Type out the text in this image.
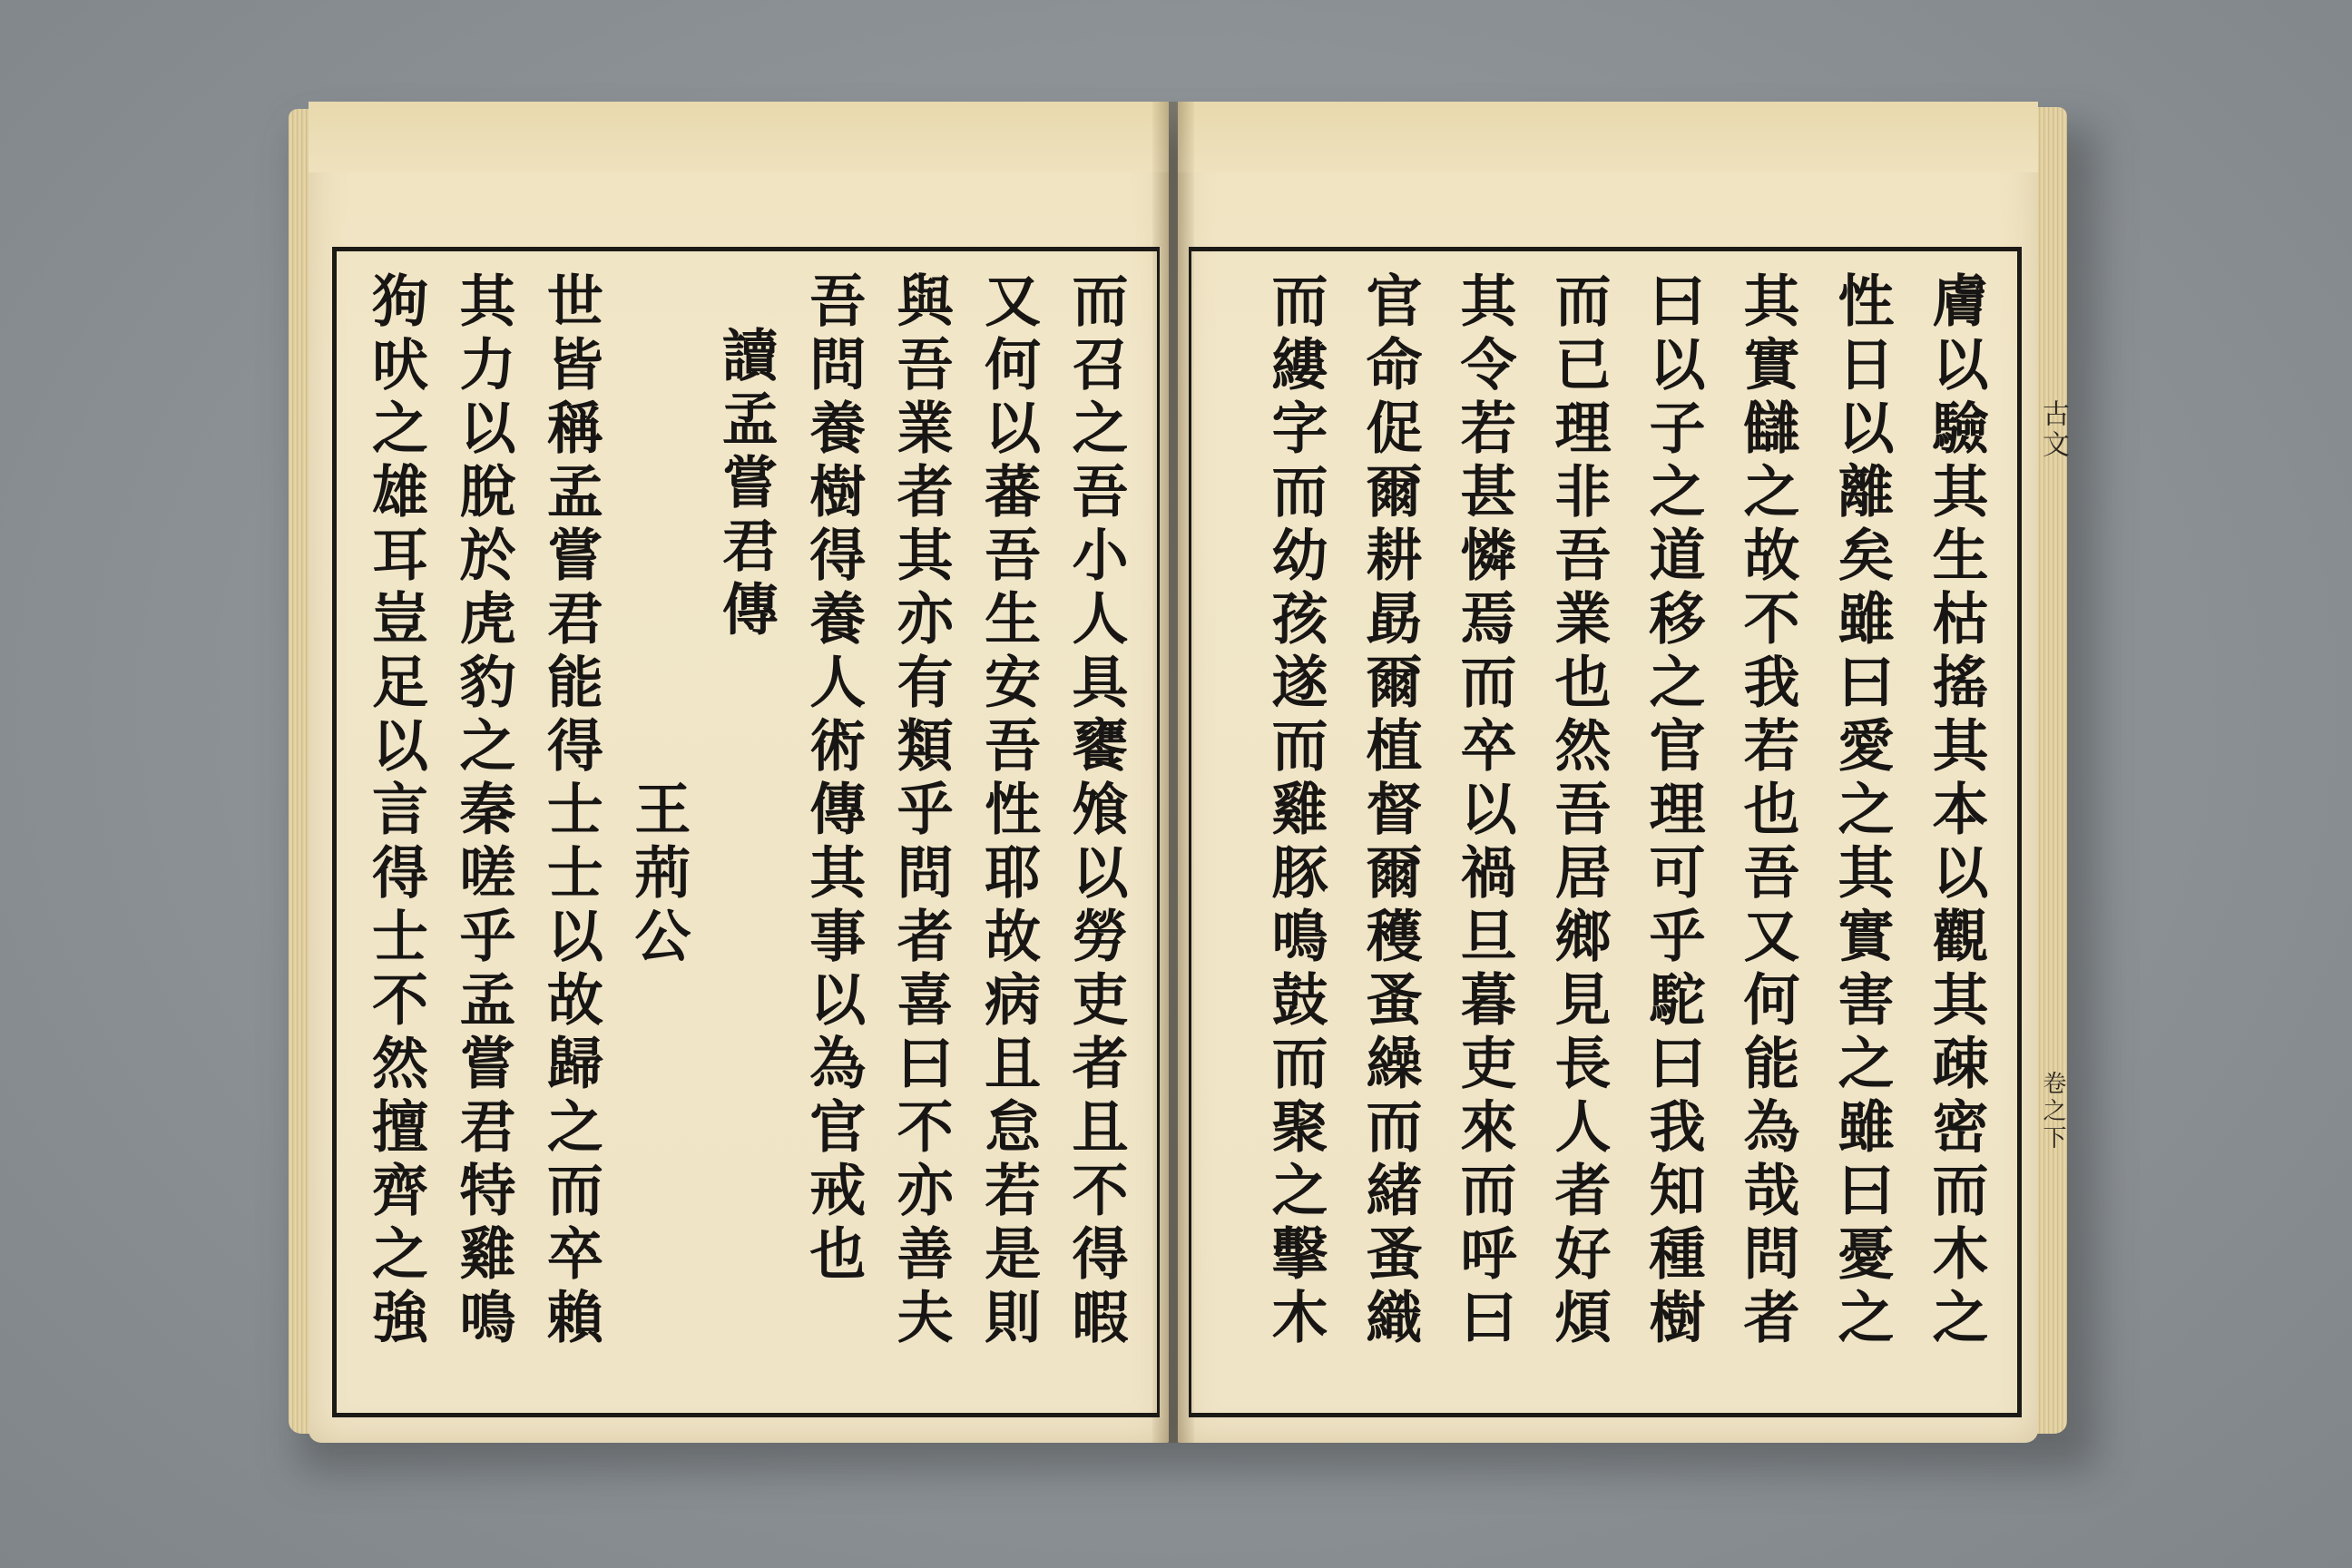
膚以驗其生枯搖其本以觀其疎密而木之
性日以離矣雖曰愛之其實害之雖曰憂之
其實讎之故不我若也吾又何能為哉問者
曰以子之道移之官理可乎駝曰我知種樹
而已理非吾業也然吾居鄉見長人者好煩
其令若甚憐焉而卒以禍旦暮吏來而呼曰
官命促爾耕勗爾植督爾穫蚤繰而緒蚤織
而縷字而幼孩遂而雞豚鳴鼓而聚之擊木
而召之吾小人具饔飧以勞吏者且不得暇
又何以蕃吾生安吾性耶故病且怠若是則
與吾業者其亦有類乎問者喜曰不亦善夫
吾問養樹得養人術傳其事以為官戒也
讀孟嘗君傳
王荊公
世皆稱孟嘗君能得士士以故歸之而卒賴
其力以脫於虎豹之秦嗟乎孟嘗君特雞鳴
狗吠之雄耳豈足以言得士不然擅齊之強	古文
卷之下
